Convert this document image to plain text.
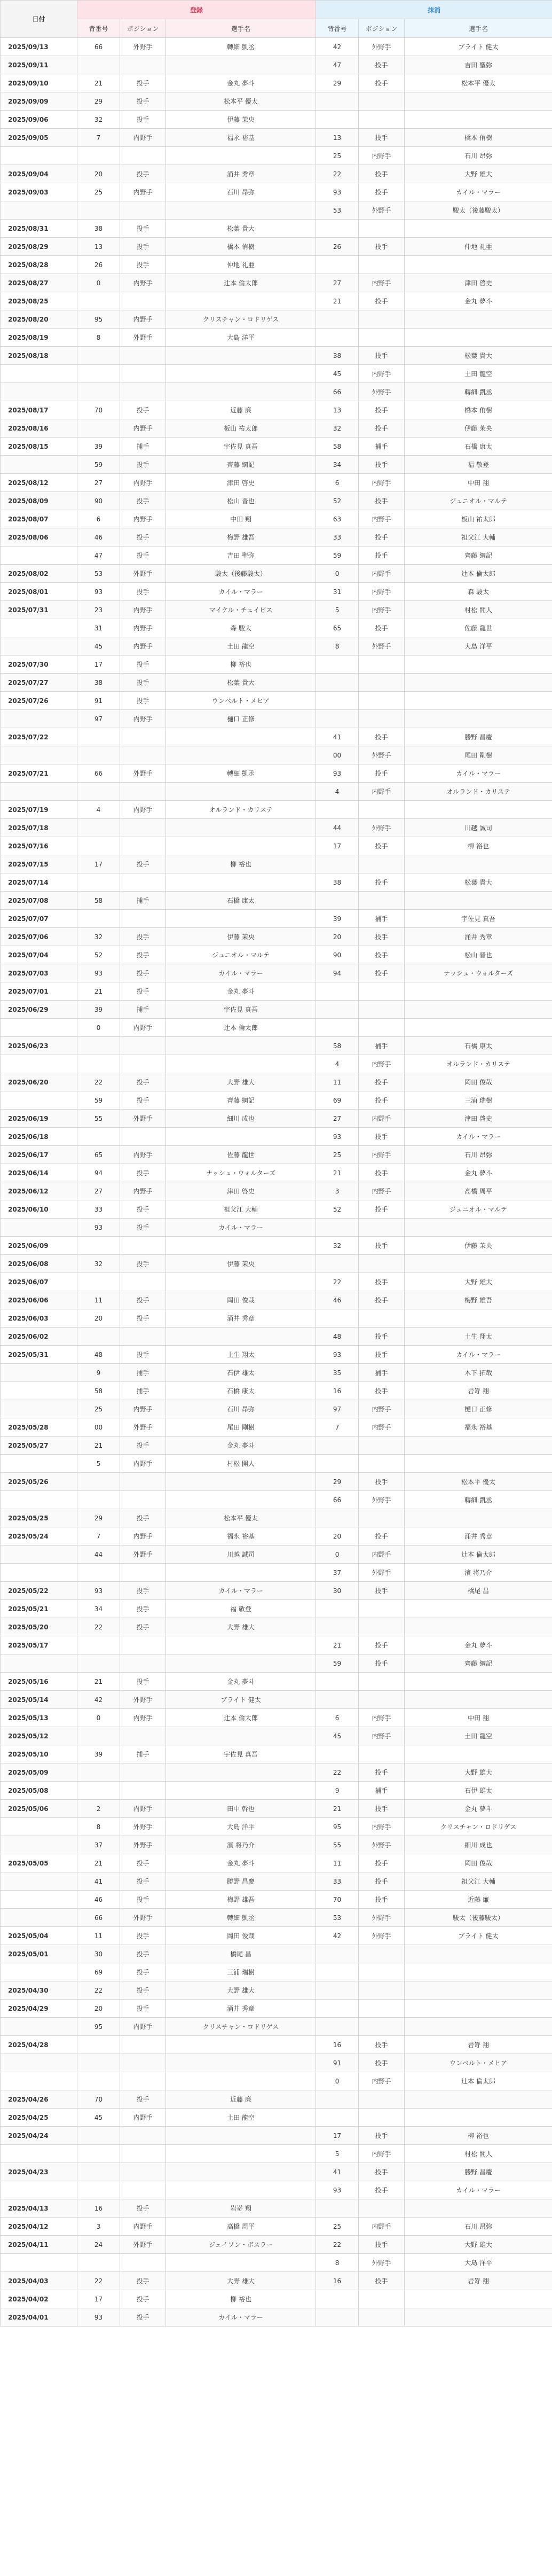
日付	登録			抹消		
	背番号	ポジション	選手名	背番号	ポジション	選手名
2025/09/13	66	外野手	轉細 凱丞	42	外野手	ブライト 健太
2025/09/11				47	投手	吉田 聖弥
2025/09/10	21	投手	金丸 夢斗	29	投手	松本平 優太
2025/09/09	29	投手	松本平 優太			
2025/09/06	32	投手	伊藤 茉央			
2025/09/05	7	内野手	福永 裕基	13	投手	橋本 侑樹
				25	内野手	石川 昂弥
2025/09/04	20	投手	涌井 秀章	22	投手	大野 雄大
2025/09/03	25	内野手	石川 昂弥	93	投手	カイル・マラー
				53	外野手	駿太（後藤駿太）
2025/08/31	38	投手	松葉 貴大			
2025/08/29	13	投手	橋本 侑樹	26	投手	仲地 礼亜
2025/08/28	26	投手	仲地 礼亜			
2025/08/27	0	内野手	辻本 倫太郎	27	内野手	津田 啓史
2025/08/25				21	投手	金丸 夢斗
2025/08/20	95	内野手	クリスチャン・ロドリゲス			
2025/08/19	8	外野手	大島 洋平			
2025/08/18				38	投手	松葉 貴大
				45	内野手	土田 龍空
				66	外野手	轉細 凱丞
2025/08/17	70	投手	近藤 廉	13	投手	橋本 侑樹
2025/08/16		内野手	板山 祐太郎	32	投手	伊藤 茉央
2025/08/15	39	捕手	宇佐見 真吾	58	捕手	石橋 康太
	59	投手	齊藤 綱記	34	投手	福 敬登
2025/08/12	27	内野手	津田 啓史	6	内野手	中田 翔
2025/08/09	90	投手	松山 晋也	52	投手	ジュニオル・マルテ
2025/08/07	6	内野手	中田 翔	63	内野手	板山 祐太郎
2025/08/06	46	投手	梅野 雄吾	33	投手	祖父江 大輔
	47	投手	吉田 聖弥	59	投手	齊藤 綱記
2025/08/02	53	外野手	駿太（後藤駿太）	0	内野手	辻本 倫太郎
2025/08/01	93	投手	カイル・マラー	31	内野手	森 駿太
2025/07/31	23	内野手	マイケル・チェイビス	5	内野手	村松 開人
	31	内野手	森 駿太	65	投手	佐藤 龍世
	45	内野手	土田 龍空	8	外野手	大島 洋平
2025/07/30	17	投手	柳 裕也			
2025/07/27	38	投手	松葉 貴大			
2025/07/26	91	投手	ウンベルト・メヒア			
	97	内野手	樋口 正修			
2025/07/22				41	投手	勝野 昌慶
				00	外野手	尾田 剛樹
2025/07/21	66	外野手	轉細 凱丞	93	投手	カイル・マラー
				4	内野手	オルランド・カリステ
2025/07/19	4	内野手	オルランド・カリステ			
2025/07/18				44	外野手	川越 誠司
2025/07/16				17	投手	柳 裕也
2025/07/15	17	投手	柳 裕也			
2025/07/14				38	投手	松葉 貴大
2025/07/08	58	捕手	石橋 康太			
2025/07/07				39	捕手	宇佐見 真吾
2025/07/06	32	投手	伊藤 茉央	20	投手	涌井 秀章
2025/07/04	52	投手	ジュニオル・マルテ	90	投手	松山 晋也
2025/07/03	93	投手	カイル・マラー	94	投手	ナッシュ・ウォルターズ
2025/07/01	21	投手	金丸 夢斗			
2025/06/29	39	捕手	宇佐見 真吾			
	0	内野手	辻本 倫太郎			
2025/06/23				58	捕手	石橋 康太
				4	内野手	オルランド・カリステ
2025/06/20	22	投手	大野 雄大	11	投手	岡田 俊哉
	59	投手	齊藤 綱記	69	投手	三浦 瑞樹
2025/06/19	55	外野手	細川 成也	27	内野手	津田 啓史
2025/06/18				93	投手	カイル・マラー
2025/06/17	65	内野手	佐藤 龍世	25	内野手	石川 昂弥
2025/06/14	94	投手	ナッシュ・ウォルターズ	21	投手	金丸 夢斗
2025/06/12	27	内野手	津田 啓史	3	内野手	高橋 周平
2025/06/10	33	投手	祖父江 大輔	52	投手	ジュニオル・マルテ
	93	投手	カイル・マラー			
2025/06/09				32	投手	伊藤 茉央
2025/06/08	32	投手	伊藤 茉央			
2025/06/07				22	投手	大野 雄大
2025/06/06	11	投手	岡田 俊哉	46	投手	梅野 雄吾
2025/06/03	20	投手	涌井 秀章			
2025/06/02				48	投手	土生 翔太
2025/05/31	48	投手	土生 翔太	93	投手	カイル・マラー
	9	捕手	石伊 雄太	35	捕手	木下 拓哉
	58	捕手	石橋 康太	16	投手	岩嵜 翔
	25	内野手	石川 昂弥	97	内野手	樋口 正修
2025/05/28	00	外野手	尾田 剛樹	7	内野手	福永 裕基
2025/05/27	21	投手	金丸 夢斗			
	5	内野手	村松 開人			
2025/05/26				29	投手	松本平 優太
				66	外野手	轉細 凱丞
2025/05/25	29	投手	松本平 優太			
2025/05/24	7	内野手	福永 裕基	20	投手	涌井 秀章
	44	外野手	川越 誠司	0	内野手	辻本 倫太郎
				37	外野手	濱 将乃介
2025/05/22	93	投手	カイル・マラー	30	投手	橋尾 昌
2025/05/21	34	投手	福 敬登			
2025/05/20	22	投手	大野 雄大			
2025/05/17				21	投手	金丸 夢斗
				59	投手	齊藤 綱記
2025/05/16	21	投手	金丸 夢斗			
2025/05/14	42	外野手	ブライト 健太			
2025/05/13	0	内野手	辻本 倫太郎	6	内野手	中田 翔
2025/05/12				45	内野手	土田 龍空
2025/05/10	39	捕手	宇佐見 真吾			
2025/05/09				22	投手	大野 雄大
2025/05/08				9	捕手	石伊 雄太
2025/05/06	2	内野手	田中 幹也	21	投手	金丸 夢斗
	8	外野手	大島 洋平	95	内野手	クリスチャン・ロドリゲス
	37	外野手	濱 将乃介	55	外野手	細川 成也
2025/05/05	21	投手	金丸 夢斗	11	投手	岡田 俊哉
	41	投手	勝野 昌慶	33	投手	祖父江 大輔
	46	投手	梅野 雄吾	70	投手	近藤 廉
	66	外野手	轉細 凱丞	53	外野手	駿太（後藤駿太）
2025/05/04	11	投手	岡田 俊哉	42	外野手	ブライト 健太
2025/05/01	30	投手	橋尾 昌			
	69	投手	三浦 瑞樹			
2025/04/30	22	投手	大野 雄大			
2025/04/29	20	投手	涌井 秀章			
	95	内野手	クリスチャン・ロドリゲス			
2025/04/28				16	投手	岩嵜 翔
				91	投手	ウンベルト・メヒア
				0	内野手	辻本 倫太郎
2025/04/26	70	投手	近藤 廉			
2025/04/25	45	内野手	土田 龍空			
2025/04/24				17	投手	柳 裕也
				5	内野手	村松 開人
2025/04/23				41	投手	勝野 昌慶
				93	投手	カイル・マラー
2025/04/13	16	投手	岩嵜 翔			
2025/04/12	3	内野手	高橋 周平	25	内野手	石川 昂弥
2025/04/11	24	外野手	ジェイソン・ボスラー	22	投手	大野 雄大
				8	外野手	大島 洋平
2025/04/03	22	投手	大野 雄大	16	投手	岩嵜 翔
2025/04/02	17	投手	柳 裕也			
2025/04/01	93	投手	カイル・マラー			
